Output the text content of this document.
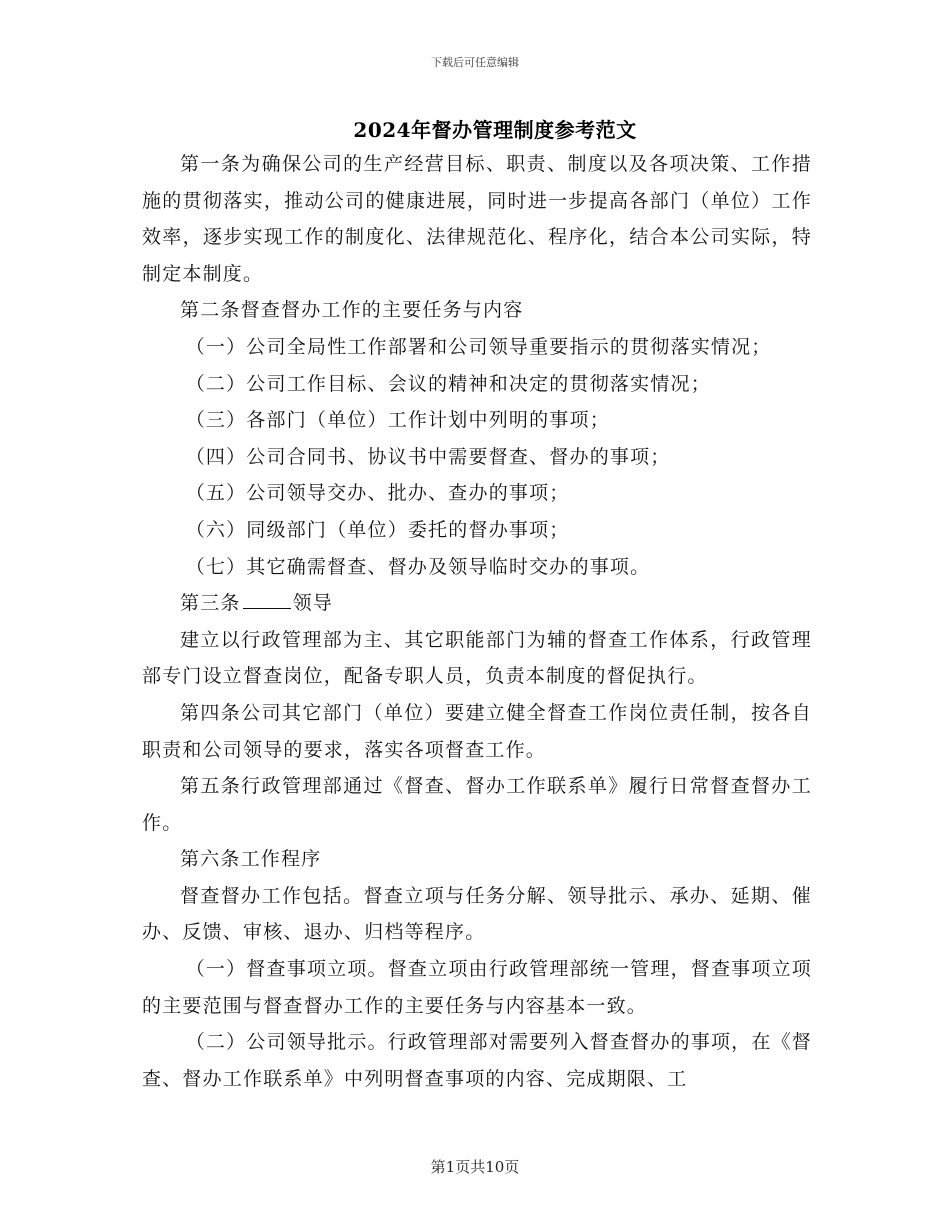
下载后可任意编辑
2024年督办管理制度参考范文

第一条为确保公司的生产经营目标、职责、制度以及各项决策、工作措施的贯彻落实，推动公司的健康进展，同时进一步提高各部门（单位）工作效率，逐步实现工作的制度化、法律规范化、程序化，结合本公司实际，特制定本制度。

第二条督查督办工作的主要任务与内容

（一）公司全局性工作部署和公司领导重要指示的贯彻落实情况；

（二）公司工作目标、会议的精神和决定的贯彻落实情况；

（三）各部门（单位）工作计划中列明的事项；

（四）公司合同书、协议书中需要督查、督办的事项；

（五）公司领导交办、批办、查办的事项；

（六）同级部门（单位）委托的督办事项；

（七）其它确需督查、督办及领导临时交办的事项。

第三条	领导

建立以行政管理部为主、其它职能部门为辅的督查工作体系，行政管理部专门设立督查岗位，配备专职人员，负责本制度的督促执行。

第四条公司其它部门（单位）要建立健全督查工作岗位责任制，按各自职责和公司领导的要求，落实各项督查工作。

第五条行政管理部通过《督查、督办工作联系单》履行日常督查督办工作。

第六条工作程序

督查督办工作包括。督查立项与任务分解、领导批示、承办、延期、催办、反馈、审核、退办、归档等程序。

（一）督查事项立项。督查立项由行政管理部统一管理，督查事项立项的主要范围与督查督办工作的主要任务与内容基本一致。

（二）公司领导批示。行政管理部对需要列入督查督办的事项，在《督查、督办工作联系单》中列明督查事项的内容、完成期限、工

第1页共10页
